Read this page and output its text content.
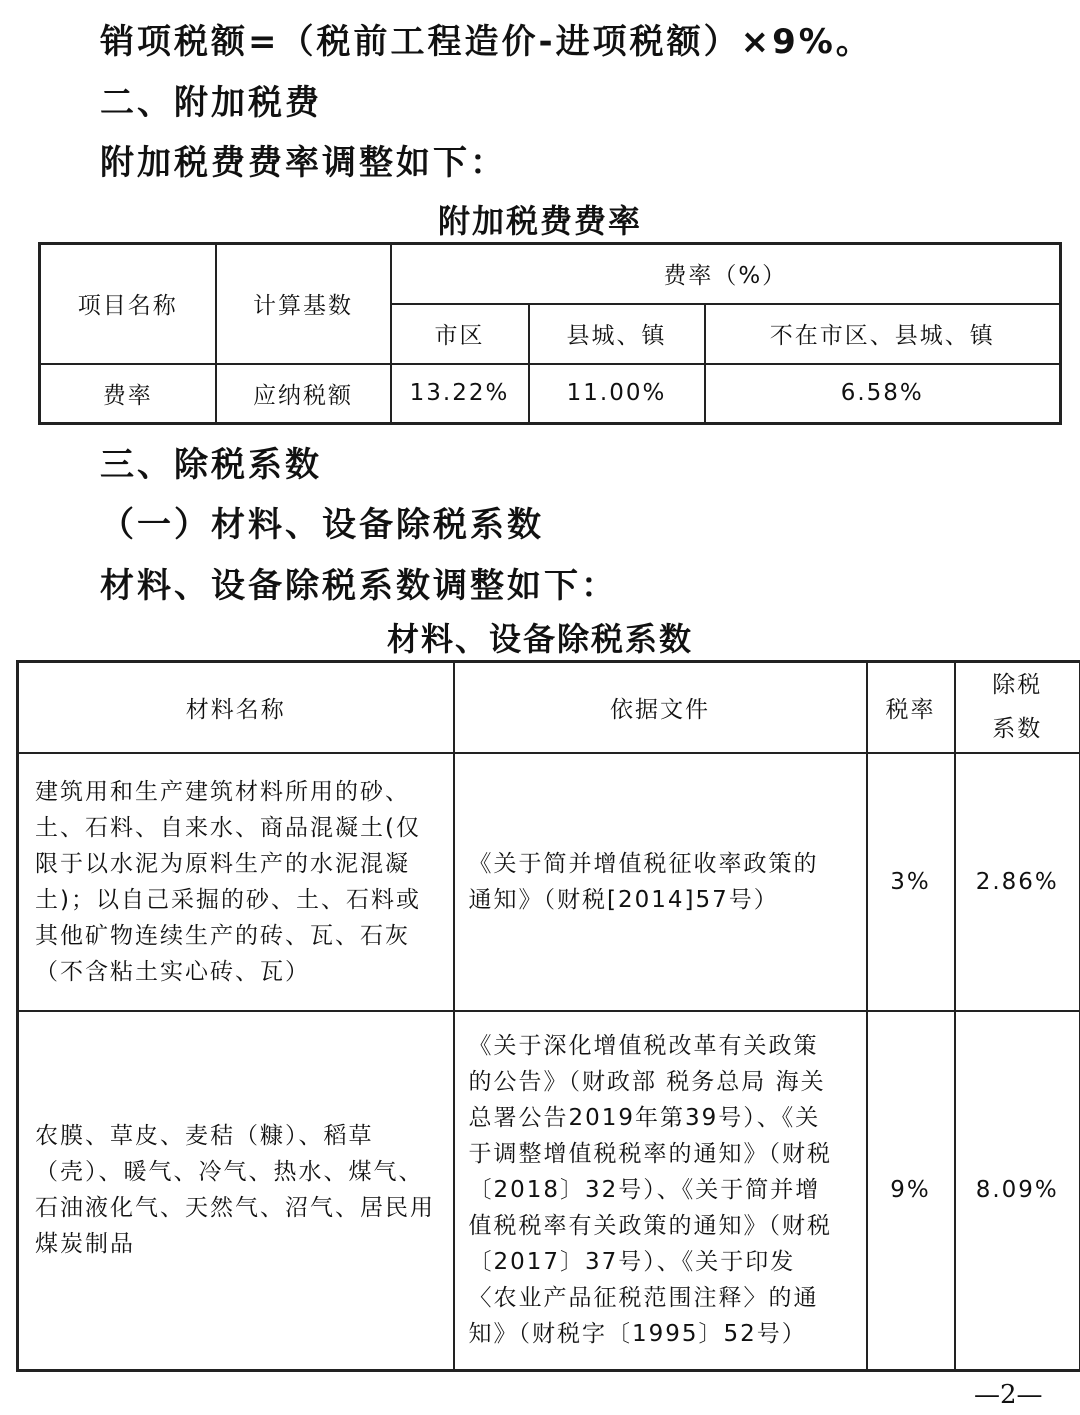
销项税额=（税前工程造价-进项税额）×9%。

二、附加税费

附加税费费率调整如下：

附加税费费率

项目名称	计算基数	费率（%）		
		市区	县城、镇	不在市区、县城、镇
费率	应纳税额	13.22%	11.00%	6.58%

三、除税系数

（一）材料、设备除税系数

材料、设备除税系数调整如下：

材料、设备除税系数

材料名称	依据文件	税率	除税
系数

建筑用和生产建筑材料所用的砂、土、石料、自来水、商品混凝土(仅限于以水泥为原料生产的水泥混凝土)；以自己采掘的砂、土、石料或其他矿物连续生产的砖、瓦、石灰（不含粘土实心砖、瓦）	《关于简并增值税征收率政策的通知》（财税[2014]57号）	3%	2.86%
农膜、草皮、麦秸（糠）、稻草（壳）、暖气、冷气、热水、煤气、石油液化气、天然气、沼气、居民用煤炭制品	《关于深化增值税改革有关政策的公告》（财政部 税务总局 海关总署公告2019年第39号）、《关于调整增值税税率的通知》（财税〔2018〕32号）、《关于简并增值税税率有关政策的通知》（财税〔2017〕37号）、《关于印发〈农业产品征税范围注释〉的通知》（财税字〔1995〕52号）	9%	8.09%

—2—
